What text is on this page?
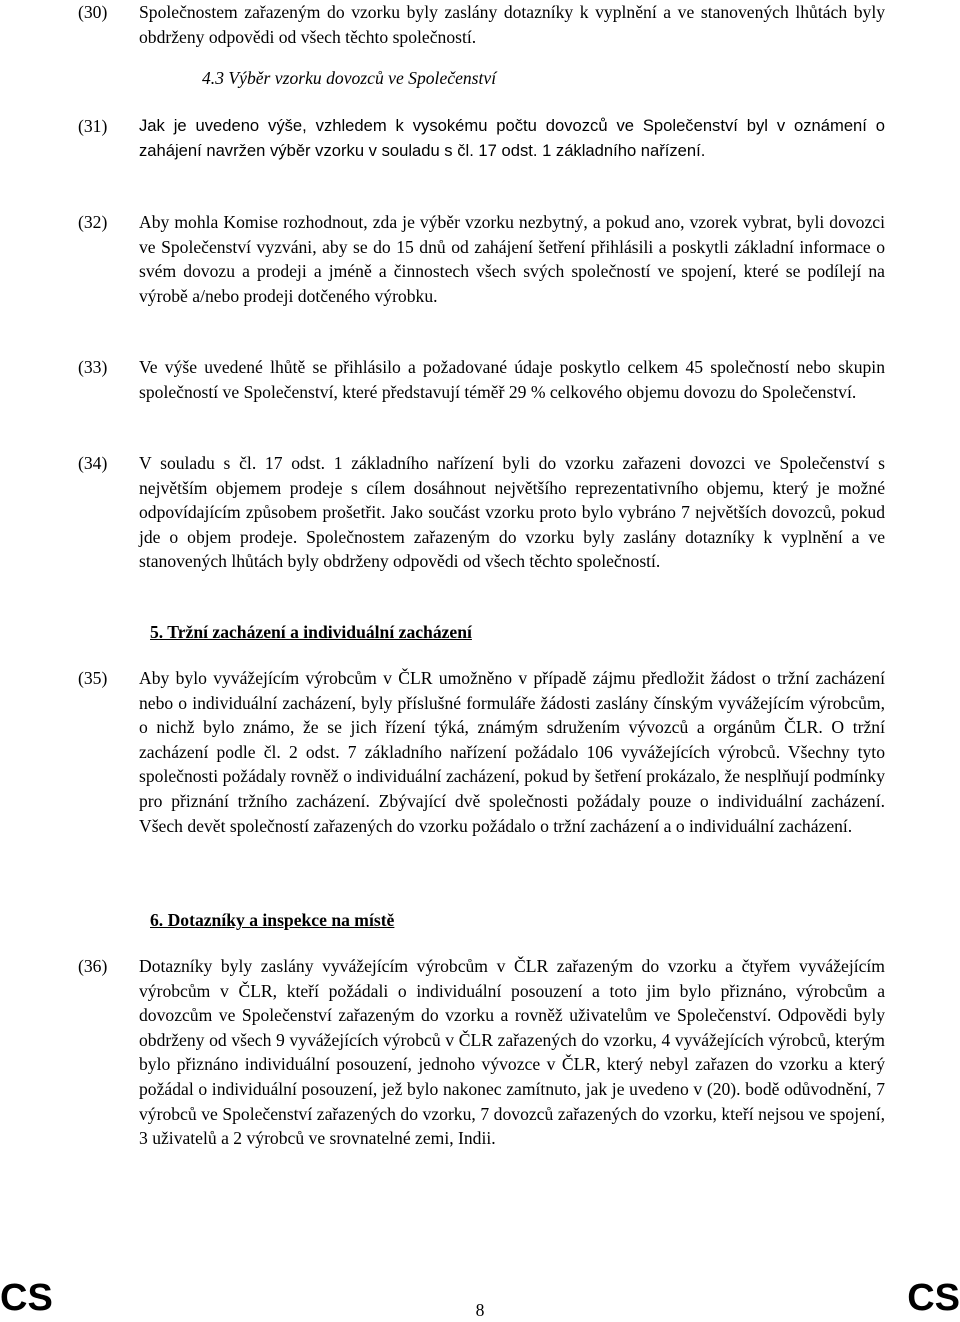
(30) Společnostem zařazeným do vzorku byly zaslány dotazníky k vyplnění a ve stanovených lhůtách byly obdrženy odpovědi od všech těchto společností.
4.3 Výběr vzorku dovozců ve Společenství
(31) Jak je uvedeno výše, vzhledem k vysokému počtu dovozců ve Společenství byl v oznámení o zahájení navržen výběr vzorku v souladu s čl. 17 odst. 1 základního nařízení.
(32) Aby mohla Komise rozhodnout, zda je výběr vzorku nezbytný, a pokud ano, vzorek vybrat, byli dovozci ve Společenství vyzváni, aby se do 15 dnů od zahájení šetření přihlásili a poskytli základní informace o svém dovozu a prodeji a jméně a činnostech všech svých společností ve spojení, které se podílejí na výrobě a/nebo prodeji dotčeného výrobku.
(33) Ve výše uvedené lhůtě se přihlásilo a požadované údaje poskytlo celkem 45 společností nebo skupin společností ve Společenství, které představují téměř 29 % celkového objemu dovozu do Společenství.
(34) V souladu s čl. 17 odst. 1 základního nařízení byli do vzorku zařazeni dovozci ve Společenství s největším objemem prodeje s cílem dosáhnout největšího reprezentativního objemu, který je možné odpovídajícím způsobem prošetřit. Jako součást vzorku proto bylo vybráno 7 největších dovozců, pokud jde o objem prodeje. Společnostem zařazeným do vzorku byly zaslány dotazníky k vyplnění a ve stanovených lhůtách byly obdrženy odpovědi od všech těchto společností.
5. Tržní zacházení a individuální zacházení
(35) Aby bylo vyvážejícím výrobcům v ČLR umožněno v případě zájmu předložit žádost o tržní zacházení nebo o individuální zacházení, byly příslušné formuláře žádosti zaslány čínským vyvážejícím výrobcům, o nichž bylo známo, že se jich řízení týká, známým sdružením vývozců a orgánům ČLR. O tržní zacházení podle čl. 2 odst. 7 základního nařízení požádalo 106 vyvážejících výrobců. Všechny tyto společnosti požádaly rovněž o individuální zacházení, pokud by šetření prokázalo, že nesplňují podmínky pro přiznání tržního zacházení. Zbývající dvě společnosti požádaly pouze o individuální zacházení. Všech devět společností zařazených do vzorku požádalo o tržní zacházení a o individuální zacházení.
6. Dotazníky a inspekce na místě
(36) Dotazníky byly zaslány vyvážejícím výrobcům v ČLR zařazeným do vzorku a čtyřem vyvážejícím výrobcům v ČLR, kteří požádali o individuální posouzení a toto jim bylo přiznáno, výrobcům a dovozcům ve Společenství zařazeným do vzorku a rovněž uživatelům ve Společenství. Odpovědi byly obdrženy od všech 9 vyvážejících výrobců v ČLR zařazených do vzorku, 4 vyvážejících výrobců, kterým bylo přiznáno individuální posouzení, jednoho vývozce v ČLR, který nebyl zařazen do vzorku a který požádal o individuální posouzení, jež bylo nakonec zamítnuto, jak je uvedeno v (20). bodě odůvodnění, 7 výrobců ve Společenství zařazených do vzorku, 7 dovozců zařazených do vzorku, kteří nejsou ve spojení, 3 uživatelů a 2 výrobců ve srovnatelné zemi, Indii.
CS	8	CS
